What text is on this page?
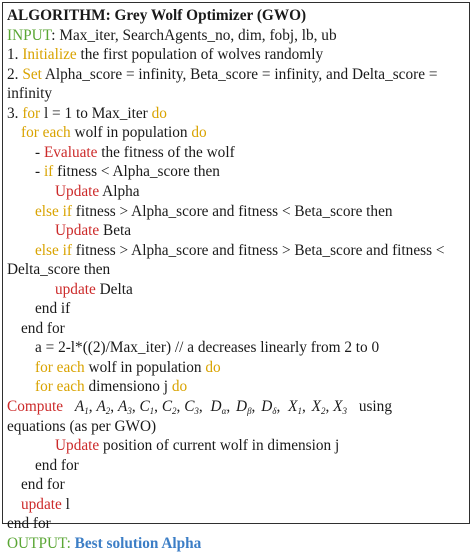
ALGORITHM: Grey Wolf Optimizer (GWO)
INPUT: Max_iter, SearchAgents_no, dim, fobj, lb, ub
1. Initialize the first population of wolves randomly
2. Set Alpha_score = infinity, Beta_score = infinity, and Delta_score =
infinity
3. for l = 1 to Max_iter do
for each wolf in population do
- Evaluate the fitness of the wolf
- if fitness < Alpha_score then
Update Alpha
else if fitness > Alpha_score and fitness < Beta_score then
Update Beta
else if fitness > Alpha_score and fitness > Beta_score and fitness <
Delta_score then
update Delta
end if
end for
a = 2-l*((2)/Max_iter) // a decreases linearly from 2 to 0
for each wolf in population do
for each dimensiono j do
Compute $A_1$, $A_2$, $A_3$, $C_1$, $C_2$, $C_3$, $D_\alpha$, $D_\beta$, $D_\delta$, $X_1$, $X_2$, $X_3$ using
equations (as per GWO)
Update position of current wolf in dimension j
end for
end for
update l
end for
OUTPUT: Best solution Alpha
